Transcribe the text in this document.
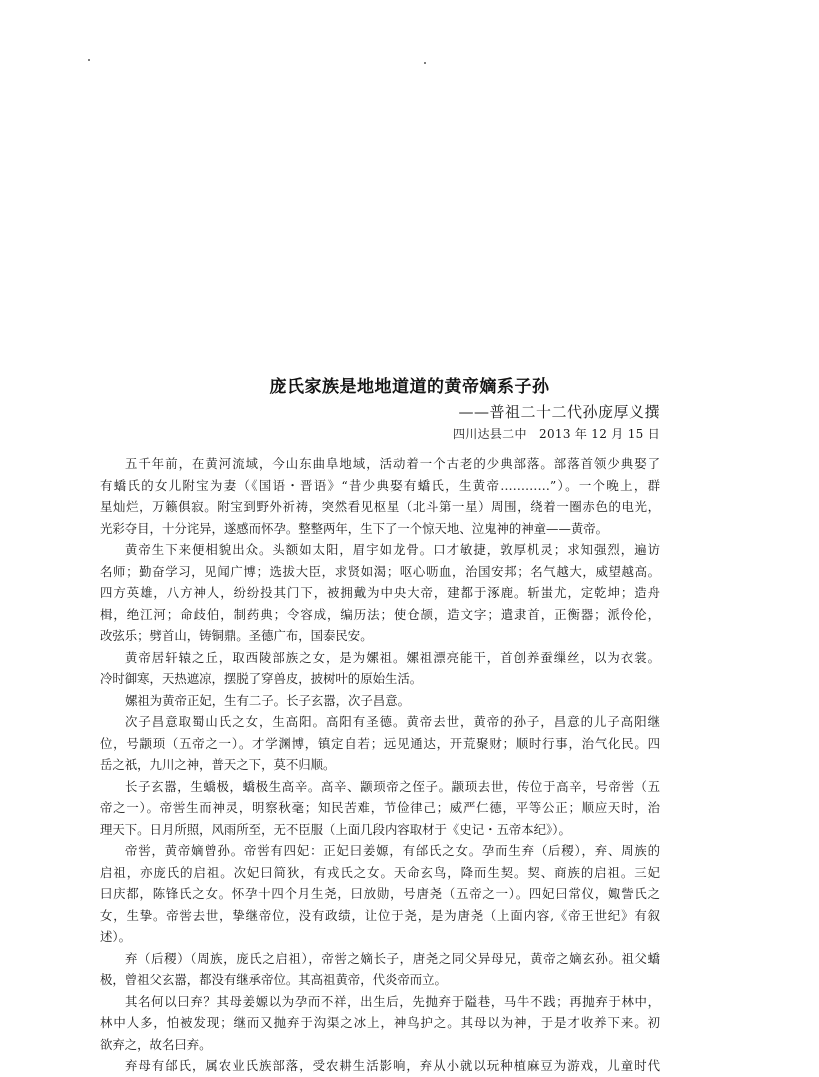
庞氏家族是地地道道的黄帝嫡系子孙
——普祖二十二代孙庞厚义撰
四川达县二中　2013 年 12 月 15 日
五千年前，在黄河流域，今山东曲阜地域，活动着一个古老的少典部落。部落首领少典娶了
有蟜氏的女儿附宝为妻（《国语・晋语》“昔少典娶有蟜氏，生黄帝…………”）。一个晚上，群
星灿烂，万籁俱寂。附宝到野外祈祷，突然看见枢星（北斗第一星）周围，绕着一圈赤色的电光，
光彩夺目，十分诧异，遂感而怀孕。整整两年，生下了一个惊天地、泣鬼神的神童——黄帝。
黄帝生下来便相貌出众。头额如太阳，眉宇如龙骨。口才敏捷，敦厚机灵；求知强烈，遍访
名师；勤奋学习，见闻广博；选拔大臣，求贤如渴；呕心呖血，治国安邦；名气越大，威望越高。
四方英雄，八方神人，纷纷投其门下，被拥戴为中央大帝，建都于涿鹿。斩蚩尤，定乾坤；造舟
楫，绝江河；命歧伯，制药典；令容成，编历法；使仓颉，造文字；遣隶首，正衡器；派伶伦，
改弦乐；劈首山，铸铜鼎。圣德广布，国泰民安。
黄帝居轩辕之丘，取西陵部族之女，是为嫘祖。嫘祖漂亮能干，首创养蚕缫丝，以为衣裳。
冷时御寒，天热遮凉，摆脱了穿兽皮，披树叶的原始生活。
嫘祖为黄帝正妃，生有二子。长子玄嚣，次子昌意。
次子昌意取蜀山氏之女，生高阳。高阳有圣德。黄帝去世，黄帝的孙子，昌意的儿子高阳继
位，号颛顼（五帝之一）。才学渊博，镇定自若；远见通达，开荒聚财；顺时行事，治气化民。四
岳之祇，九川之神，普天之下，莫不归顺。
长子玄嚣，生蟜极，蟜极生高辛。高辛、颛顼帝之侄子。颛顼去世，传位于高辛，号帝喾（五
帝之一）。帝喾生而神灵，明察秋毫；知民苦难，节俭律己；威严仁德，平等公正；顺应天时，治
理天下。日月所照，风雨所至，无不臣服（上面几段内容取材于《史记・五帝本纪》）。
帝喾，黄帝嫡曾孙。帝喾有四妃：正妃曰姜嫄，有邰氏之女。孕而生弃（后稷），弃、周族的
启祖，亦庞氏的启祖。次妃曰简狄，有戎氏之女。天命玄鸟，降而生契。契、商族的启祖。三妃
曰庆都，陈锋氏之女。怀孕十四个月生尧，曰放勋，号唐尧（五帝之一）。四妃曰常仪，娵訾氏之
女，生挚。帝喾去世，挚继帝位，没有政绩，让位于尧，是为唐尧（上面内容,《帝王世纪》有叙
述）。
弃（后稷）（周族，庞氏之启祖），帝喾之嫡长子，唐尧之同父异母兄，黄帝之嫡玄孙。祖父蟜
极，曾祖父玄嚣，都没有继承帝位。其高祖黄帝，代炎帝而立。
其名何以曰弃？其母姜嫄以为孕而不祥，出生后，先抛弃于隘巷，马牛不践；再抛弃于林中，
林中人多，怕被发现；继而又抛弃于沟渠之冰上，神鸟护之。其母以为神，于是才收养下来。初
欲弃之，故名曰弃。
弃母有邰氏，属农业氏族部落，受农耕生活影响，弃从小就以玩种植麻豆为游戏，儿童时代
